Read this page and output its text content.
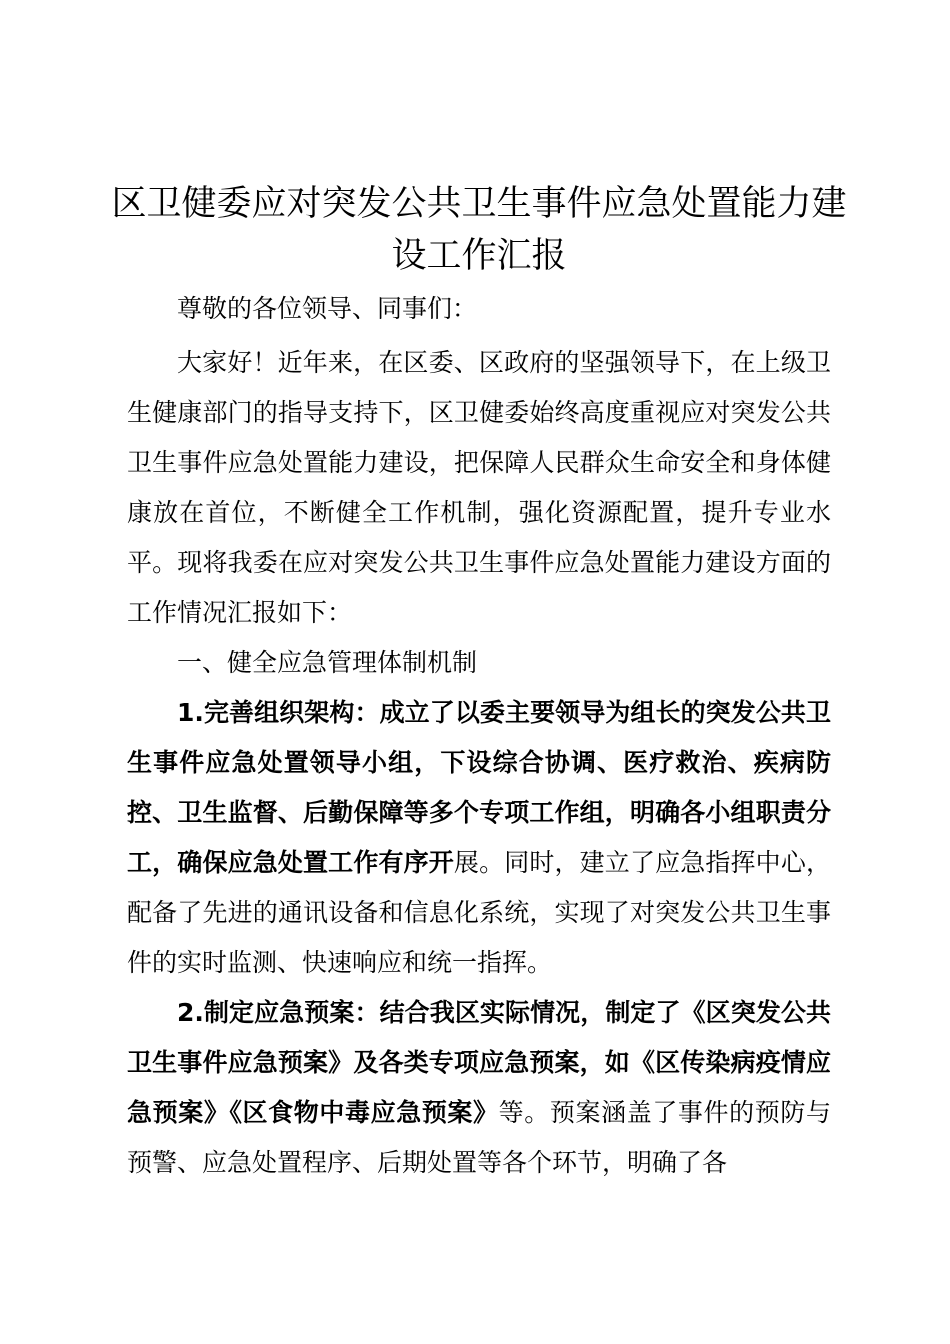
区卫健委应对突发公共卫生事件应急处置能力建设工作汇报

尊敬的各位领导、同事们：

大家好！近年来，在区委、区政府的坚强领导下，在上级卫生健康部门的指导支持下，区卫健委始终高度重视应对突发公共卫生事件应急处置能力建设，把保障人民群众生命安全和身体健康放在首位，不断健全工作机制，强化资源配置，提升专业水平。现将我委在应对突发公共卫生事件应急处置能力建设方面的工作情况汇报如下：

一、健全应急管理体制机制

1.完善组织架构：成立了以委主要领导为组长的突发公共卫生事件应急处置领导小组，下设综合协调、医疗救治、疾病防控、卫生监督、后勤保障等多个专项工作组，明确各小组职责分工，确保应急处置工作有序开展。同时，建立了应急指挥中心，配备了先进的通讯设备和信息化系统，实现了对突发公共卫生事件的实时监测、快速响应和统一指挥。

2.制定应急预案：结合我区实际情况，制定了《区突发公共卫生事件应急预案》及各类专项应急预案，如《区传染病疫情应急预案》《区食物中毒应急预案》等。预案涵盖了事件的预防与预警、应急处置程序、后期处置等各个环节，明确了各
